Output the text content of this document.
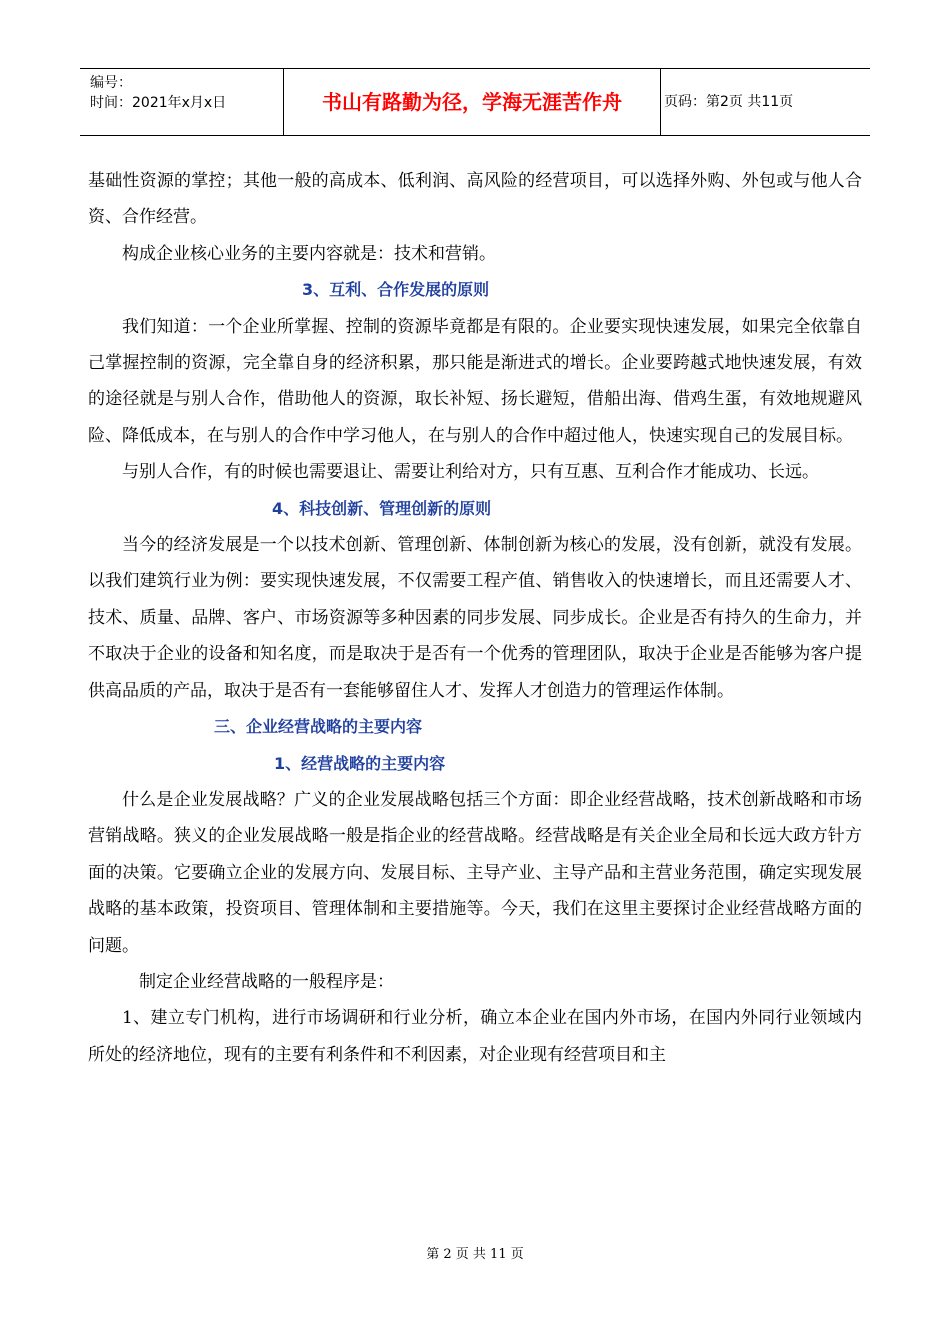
编号：
时间：2021年x月x日	书山有路勤为径，学海无涯苦作舟	页码：第2页 共11页

基础性资源的掌控；其他一般的高成本、低利润、高风险的经营项目，可以选择外购、外包或与他人合资、合作经营。

构成企业核心业务的主要内容就是：技术和营销。

3、互利、合作发展的原则

我们知道：一个企业所掌握、控制的资源毕竟都是有限的。企业要实现快速发展，如果完全依靠自己掌握控制的资源，完全靠自身的经济积累，那只能是渐进式的增长。企业要跨越式地快速发展，有效的途径就是与别人合作，借助他人的资源，取长补短、扬长避短，借船出海、借鸡生蛋，有效地规避风险、降低成本，在与别人的合作中学习他人，在与别人的合作中超过他人，快速实现自己的发展目标。

与别人合作，有的时候也需要退让、需要让利给对方，只有互惠、互利合作才能成功、长远。

4、科技创新、管理创新的原则

当今的经济发展是一个以技术创新、管理创新、体制创新为核心的发展，没有创新，就没有发展。以我们建筑行业为例：要实现快速发展，不仅需要工程产值、销售收入的快速增长，而且还需要人才、技术、质量、品牌、客户、市场资源等多种因素的同步发展、同步成长。企业是否有持久的生命力，并不取决于企业的设备和知名度，而是取决于是否有一个优秀的管理团队，取决于企业是否能够为客户提供高品质的产品，取决于是否有一套能够留住人才、发挥人才创造力的管理运作体制。

三、企业经营战略的主要内容
1、经营战略的主要内容

什么是企业发展战略？广义的企业发展战略包括三个方面：即企业经营战略，技术创新战略和市场营销战略。狭义的企业发展战略一般是指企业的经营战略。经营战略是有关企业全局和长远大政方针方面的决策。它要确立企业的发展方向、发展目标、主导产业、主导产品和主营业务范围，确定实现发展战略的基本政策，投资项目、管理体制和主要措施等。今天，我们在这里主要探讨企业经营战略方面的问题。

制定企业经营战略的一般程序是：

1、建立专门机构，进行市场调研和行业分析，确立本企业在国内外市场，在国内外同行业领域内所处的经济地位，现有的主要有利条件和不利因素，对企业现有经营项目和主

第 2 页 共 11 页
